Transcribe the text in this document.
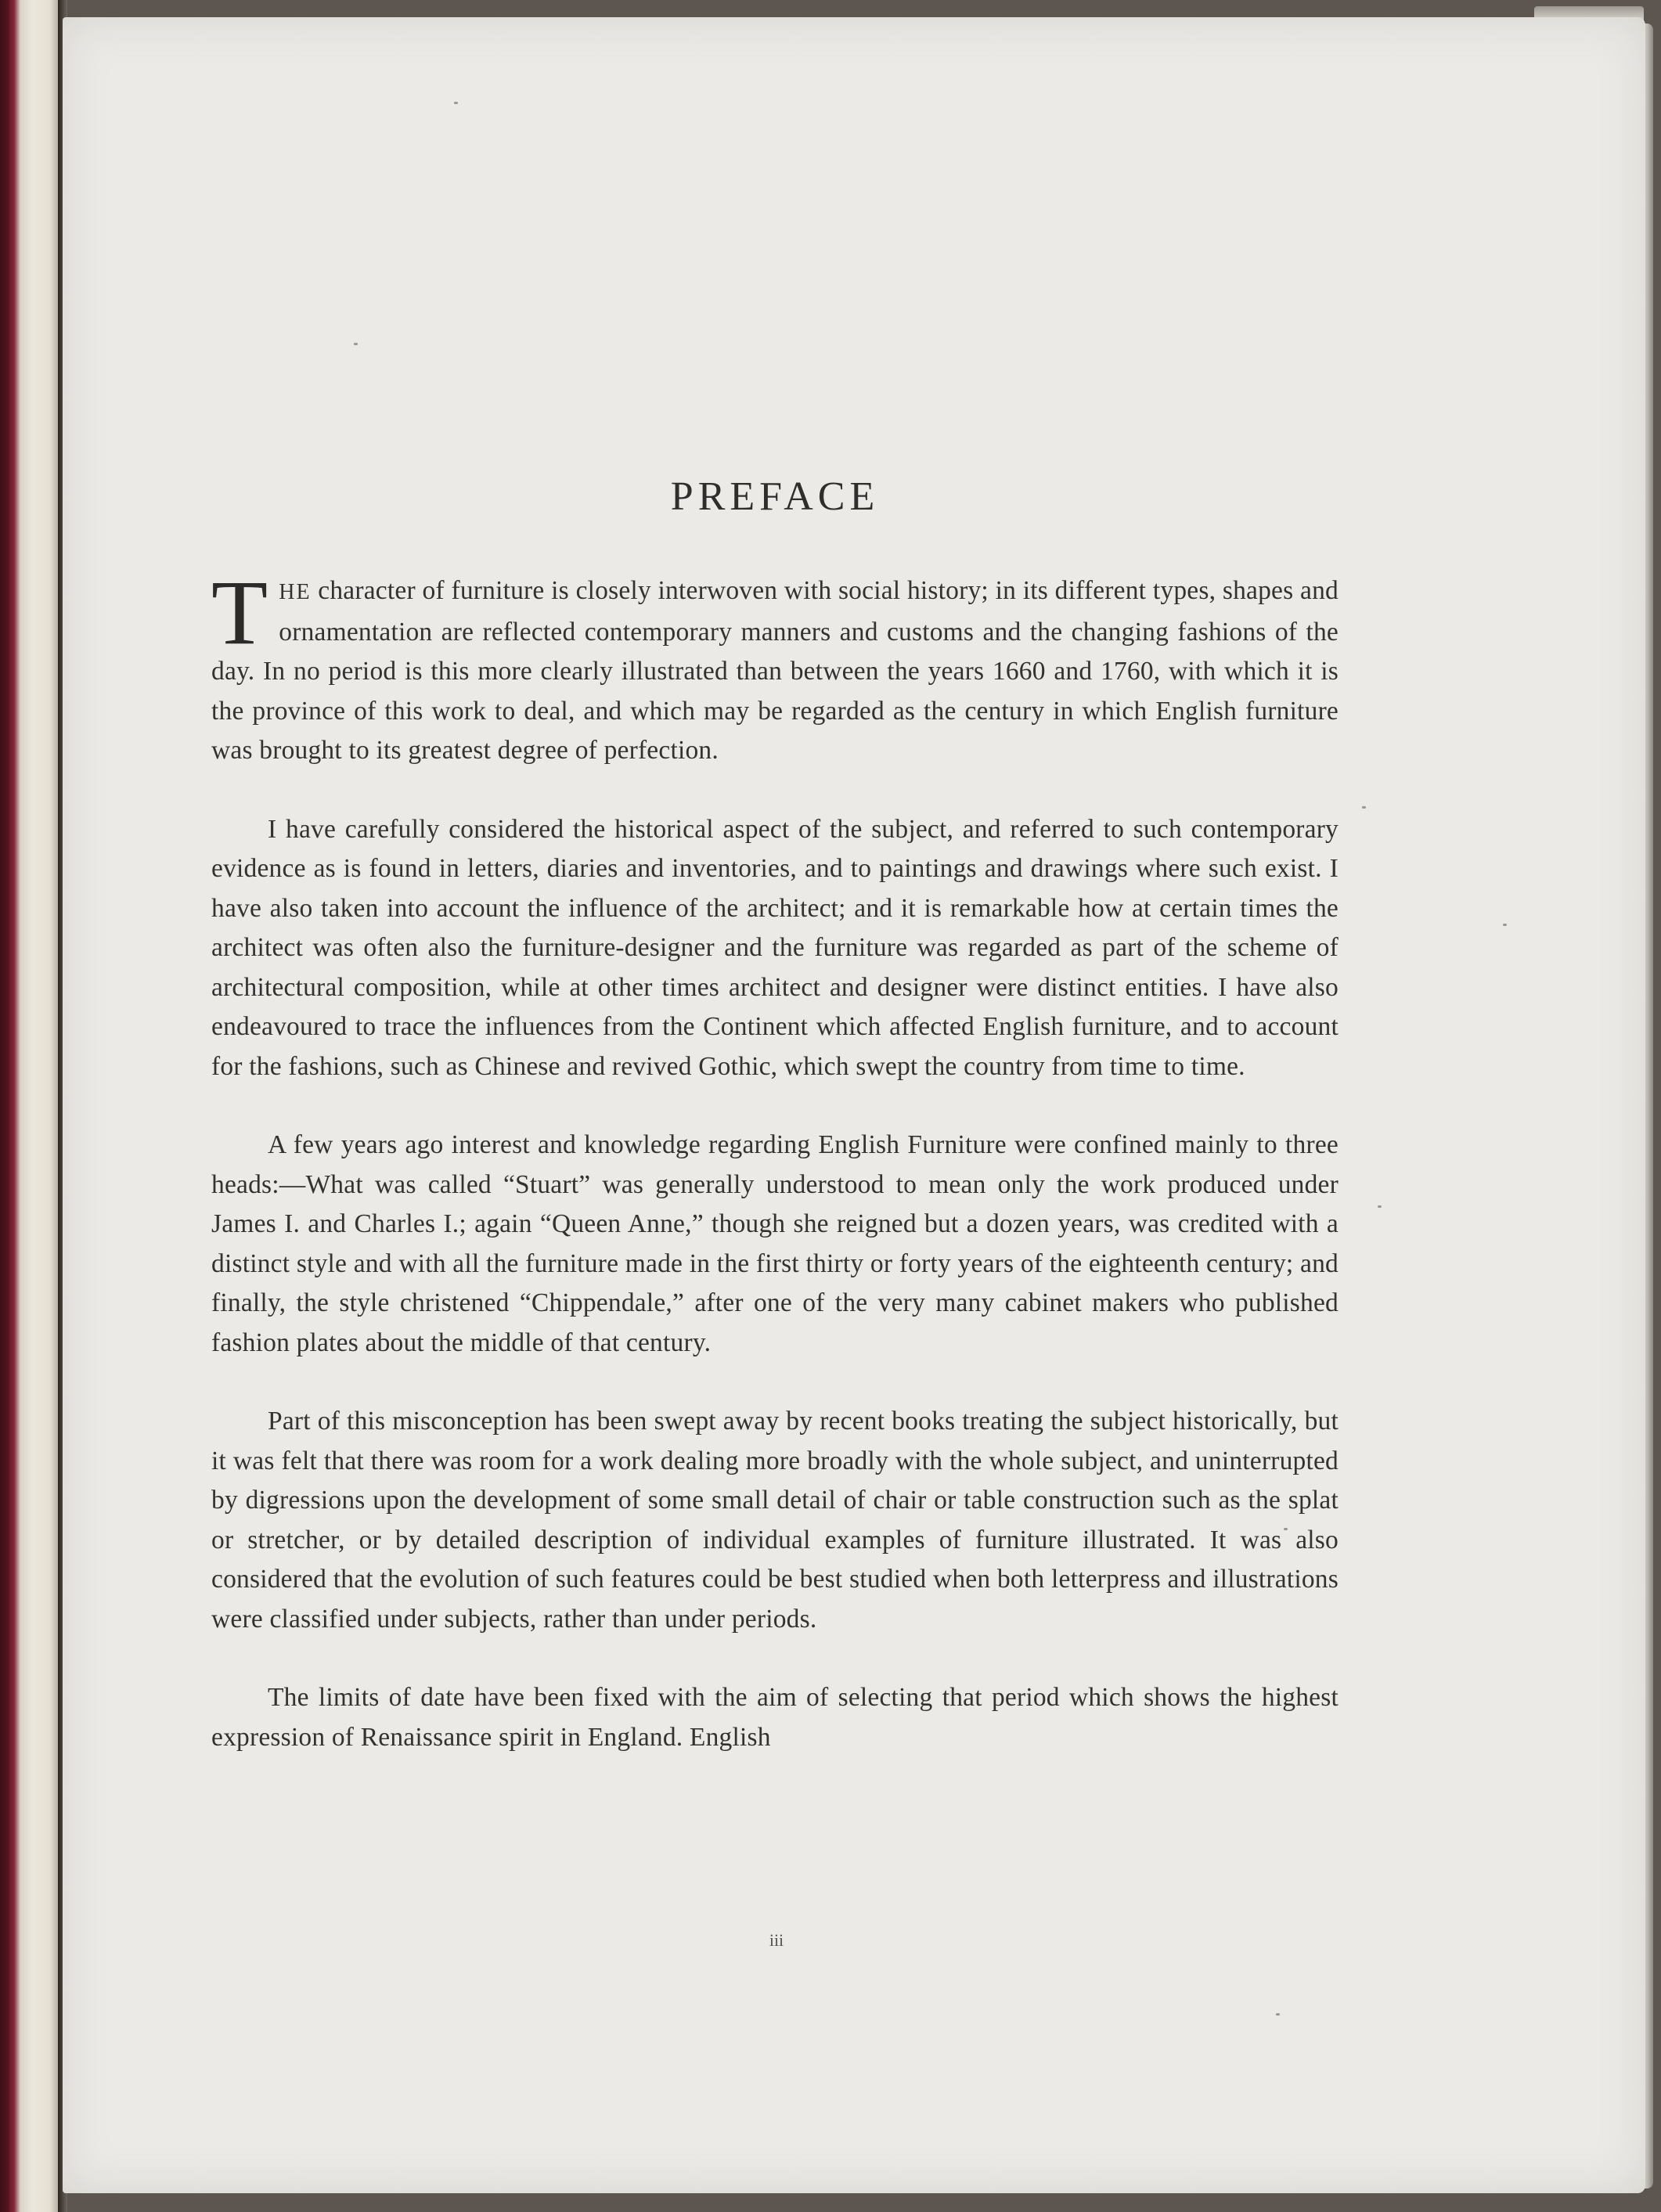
PREFACE

THE character of furniture is closely interwoven with social history; in its different types, shapes and ornamentation are reflected contemporary manners and customs and the changing fashions of the day. In no period is this more clearly illustrated than between the years 1660 and 1760, with which it is the province of this work to deal, and which may be regarded as the century in which English furniture was brought to its greatest degree of perfection.

I have carefully considered the historical aspect of the subject, and referred to such contemporary evidence as is found in letters, diaries and inventories, and to paintings and drawings where such exist. I have also taken into account the influence of the architect; and it is remarkable how at certain times the architect was often also the furniture-designer and the furniture was regarded as part of the scheme of architectural composition, while at other times architect and designer were distinct entities. I have also endeavoured to trace the influences from the Continent which affected English furniture, and to account for the fashions, such as Chinese and revived Gothic, which swept the country from time to time.

A few years ago interest and knowledge regarding English Furniture were confined mainly to three heads:—What was called “Stuart” was generally understood to mean only the work produced under James I. and Charles I.; again “Queen Anne,” though she reigned but a dozen years, was credited with a distinct style and with all the furniture made in the first thirty or forty years of the eighteenth century; and finally, the style christened “Chippendale,” after one of the very many cabinet makers who published fashion plates about the middle of that century.

Part of this misconception has been swept away by recent books treating the subject historically, but it was felt that there was room for a work dealing more broadly with the whole subject, and uninterrupted by digressions upon the development of some small detail of chair or table construction such as the splat or stretcher, or by detailed description of individual examples of furniture illustrated. It was also considered that the evolution of such features could be best studied when both letterpress and illustrations were classified under subjects, rather than under periods.

The limits of date have been fixed with the aim of selecting that period which shows the highest expression of Renaissance spirit in England. English

iii
